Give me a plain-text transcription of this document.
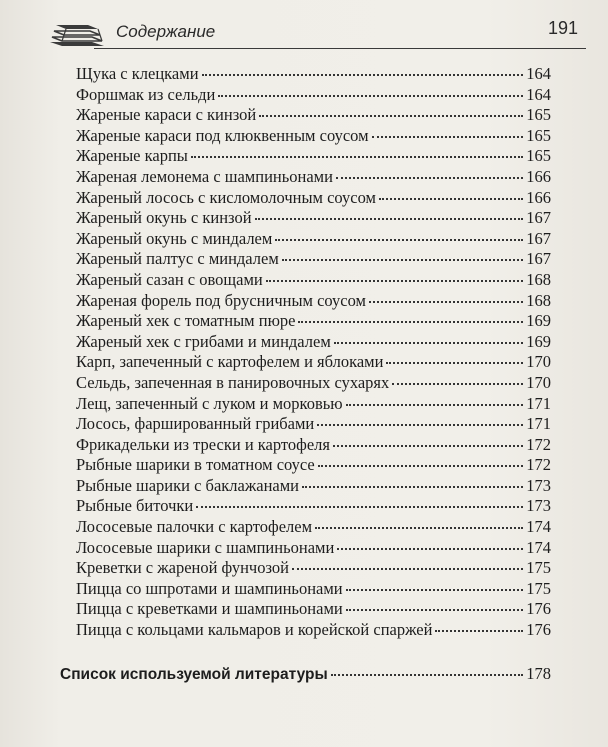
Содержание	191
Щука с клецками	164
Форшмак из сельди	164
Жареные караси с кинзой	165
Жареные караси под клюквенным соусом	165
Жареные карпы	165
Жареная лемонема с шампиньонами	166
Жареный лосось с кисломолочным соусом	166
Жареный окунь с кинзой	167
Жареный окунь с миндалем	167
Жареный палтус с миндалем	167
Жареный сазан с овощами	168
Жареная форель под брусничным соусом	168
Жареный хек с томатным пюре	169
Жареный хек с грибами и миндалем	169
Карп, запеченный с картофелем и яблоками	170
Сельдь, запеченная в панировочных сухарях	170
Лещ, запеченный с луком и морковью	171
Лосось, фаршированный грибами	171
Фрикадельки из трески и картофеля	172
Рыбные шарики в томатном соусе	172
Рыбные шарики с баклажанами	173
Рыбные биточки	173
Лососевые палочки с картофелем	174
Лососевые шарики с шампиньонами	174
Креветки с жареной фунчозой	175
Пицца со шпротами и шампиньонами	175
Пицца с креветками и шампиньонами	176
Пицца с кольцами кальмаров и корейской спаржей	176
Список используемой литературы	178
